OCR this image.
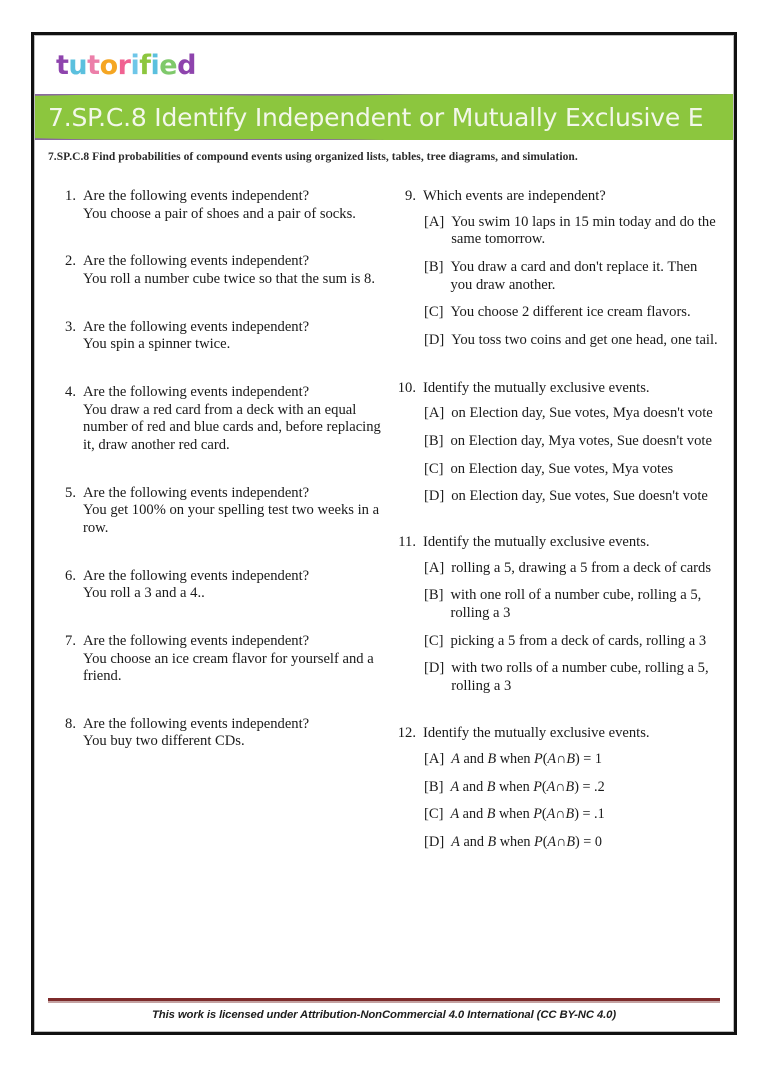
tutorified
7.SP.C.8 Identify Independent or Mutually Exclusive E
7.SP.C.8 Find probabilities of compound events using organized lists, tables, tree diagrams, and simulation.
1. Are the following events independent?
You choose a pair of shoes and a pair of socks.
2. Are the following events independent?
You roll a number cube twice so that the sum is 8.
3. Are the following events independent?
You spin a spinner twice.
4. Are the following events independent?
You draw a red card from a deck with an equal number of red and blue cards and, before replacing it, draw another red card.
5. Are the following events independent?
You get 100% on your spelling test two weeks in a row.
6. Are the following events independent?
You roll a 3 and a 4..
7. Are the following events independent?
You choose an ice cream flavor for yourself and a friend.
8. Are the following events independent?
You buy two different CDs.
9. Which events are independent?
[A] You swim 10 laps in 15 min today and do the same tomorrow.
[B] You draw a card and don't replace it. Then you draw another.
[C] You choose 2 different ice cream flavors.
[D] You toss two coins and get one head, one tail.
10. Identify the mutually exclusive events.
[A] on Election day, Sue votes, Mya doesn't vote
[B] on Election day, Mya votes, Sue doesn't vote
[C] on Election day, Sue votes, Mya votes
[D] on Election day, Sue votes, Sue doesn't vote
11. Identify the mutually exclusive events.
[A] rolling a 5, drawing a 5 from a deck of cards
[B] with one roll of a number cube, rolling a 5, rolling a 3
[C] picking a 5 from a deck of cards, rolling a 3
[D] with two rolls of a number cube, rolling a 5, rolling a 3
12. Identify the mutually exclusive events.
[A] A and B when P(A∩B) = 1
[B] A and B when P(A∩B) = .2
[C] A and B when P(A∩B) = .1
[D] A and B when P(A∩B) = 0
This work is licensed under Attribution-NonCommercial 4.0 International (CC BY-NC 4.0)
